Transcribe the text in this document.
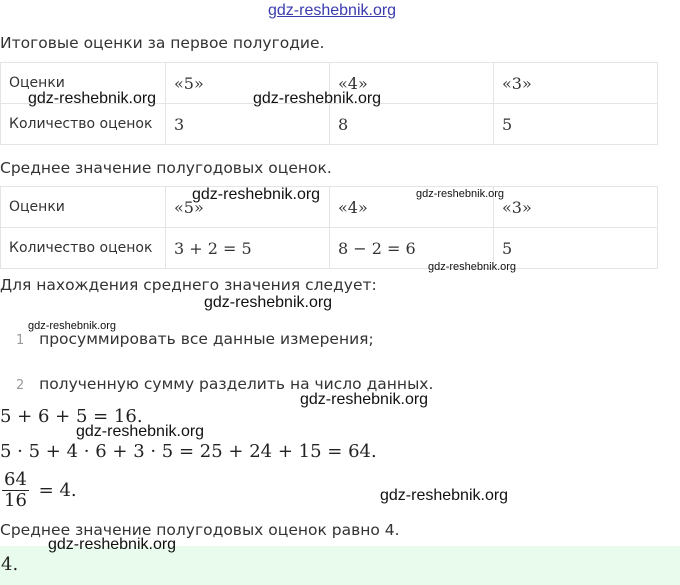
gdz-reshebnik.org
Итоговые оценки за первое полугодие.
Оценки	«5»	«4»	«3»
Количество оценок	3	8	5
Среднее значение полугодовых оценок.
Оценки	«5»	«4»	«3»
Количество оценок	3 + 2 = 5	8 − 2 = 6	5
Для нахождения среднего значения следует:
1 просуммировать все данные измерения;
2 полученную сумму разделить на число данных.
5 + 6 + 5 = 16.
5 · 5 + 4 · 6 + 3 · 5 = 25 + 24 + 15 = 64.
$\frac{64}{16} = 4$.
Среднее значение полугодовых оценок равно 4.
4.
gdz-reshebnik.org	gdz-reshebnik.org
gdz-reshebnik.org	gdz-reshebnik.org
gdz-reshebnik.org
gdz-reshebnik.org
gdz-reshebnik.org
gdz-reshebnik.org
gdz-reshebnik.org
gdz-reshebnik.org
gdz-reshebnik.org
